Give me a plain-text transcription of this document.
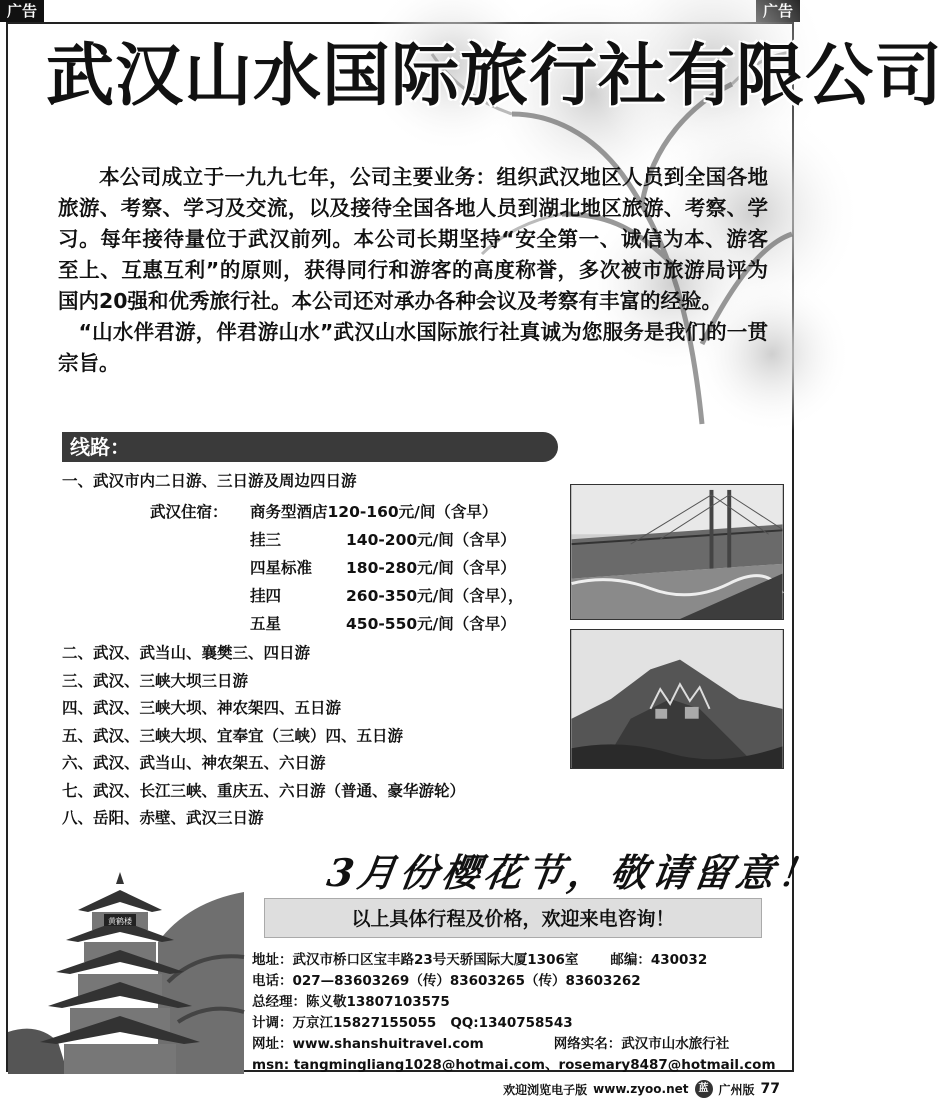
广告
武汉山水国际旅行社有限公司

本公司成立于一九九七年，公司主要业务：组织武汉地区人员到全国各地旅游、考察、学习及交流，以及接待全国各地人员到湖北地区旅游、考察、学习。每年接待量位于武汉前列。本公司长期坚持“安全第一、诚信为本、游客至上、互惠互利”的原则，获得同行和游客的高度称誉，多次被市旅游局评为国内20强和优秀旅行社。本公司还对承办各种会议及考察有丰富的经验。

“山水伴君游，伴君游山水”武汉山水国际旅行社真诚为您服务是我们的一贯宗旨。

线路：
一、武汉市内二日游、三日游及周边四日游
武汉住宿：	商务型酒店 120-160元/间（含早）
挂三	140-200元/间（含早）
四星标准	180-280元/间（含早）
挂四	260-350元/间（含早），
五星	450-550元/间（含早）
二、武汉、武当山、襄樊三、四日游
三、武汉、三峡大坝三日游
四、武汉、三峡大坝、神农架四、五日游
五、武汉、三峡大坝、宜奉宜（三峡）四、五日游
六、武汉、武当山、神农架五、六日游
七、武汉、长江三峡、重庆五、六日游（普通、豪华游轮）
八、岳阳、赤壁、武汉三日游
3月份樱花节，敬请留意！
以上具体行程及价格，欢迎来电咨询！
黄鹤楼
地址：武汉市桥口区宝丰路23号天骄国际大厦1306室 邮编：430032
电话：027—83603269（传）83603265（传）83603262
总经理：陈义敬13807103575
计调：万京江15827155055 QQ:1340758543
网址：www.shanshuitravel.com	网络实名：武汉市山水旅行社
msn: tangmingliang1028@hotmai.com、rosemary8487@hotmail.com
欢迎浏览电子版 www.zyoo.net	蓝 广州版 77
